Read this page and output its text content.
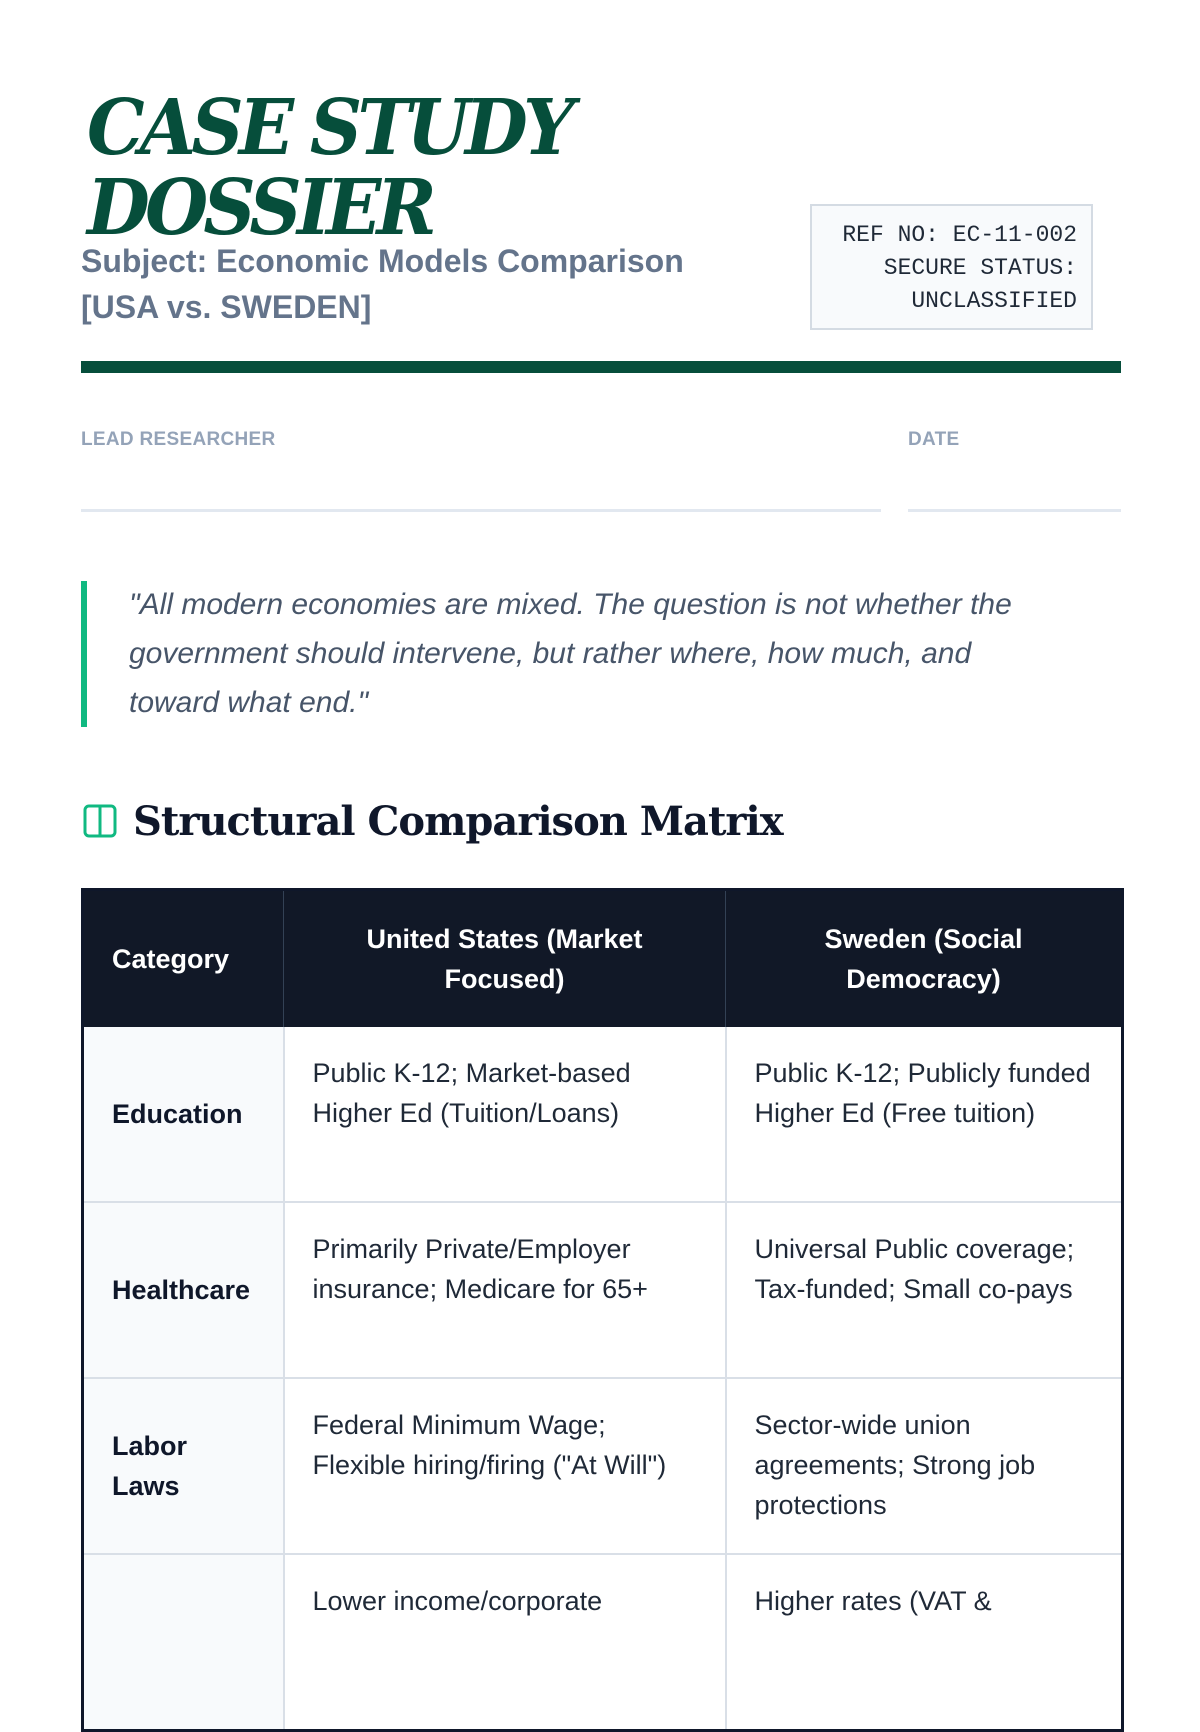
CASE STUDY
DOSSIER
Subject: Economic Models Comparison
[USA vs. SWEDEN]
REF NO: EC-11-002
SECURE STATUS:
UNCLASSIFIED
LEAD RESEARCHER	DATE
"All modern economies are mixed. The question is not whether the
government should intervene, but rather where, how much, and
toward what end."
Structural Comparison Matrix
Category	United States (Market Focused)	Sweden (Social Democracy)
Education	Public K-12; Market-based Higher Ed (Tuition/Loans)	Public K-12; Publicly funded Higher Ed (Free tuition)
Healthcare	Primarily Private/Employer insurance; Medicare for 65+	Universal Public coverage; Tax-funded; Small co-pays
Labor Laws	Federal Minimum Wage; Flexible hiring/firing ("At Will")	Sector-wide union agreements; Strong job protections
	Lower income/corporate	Higher rates (VAT &
